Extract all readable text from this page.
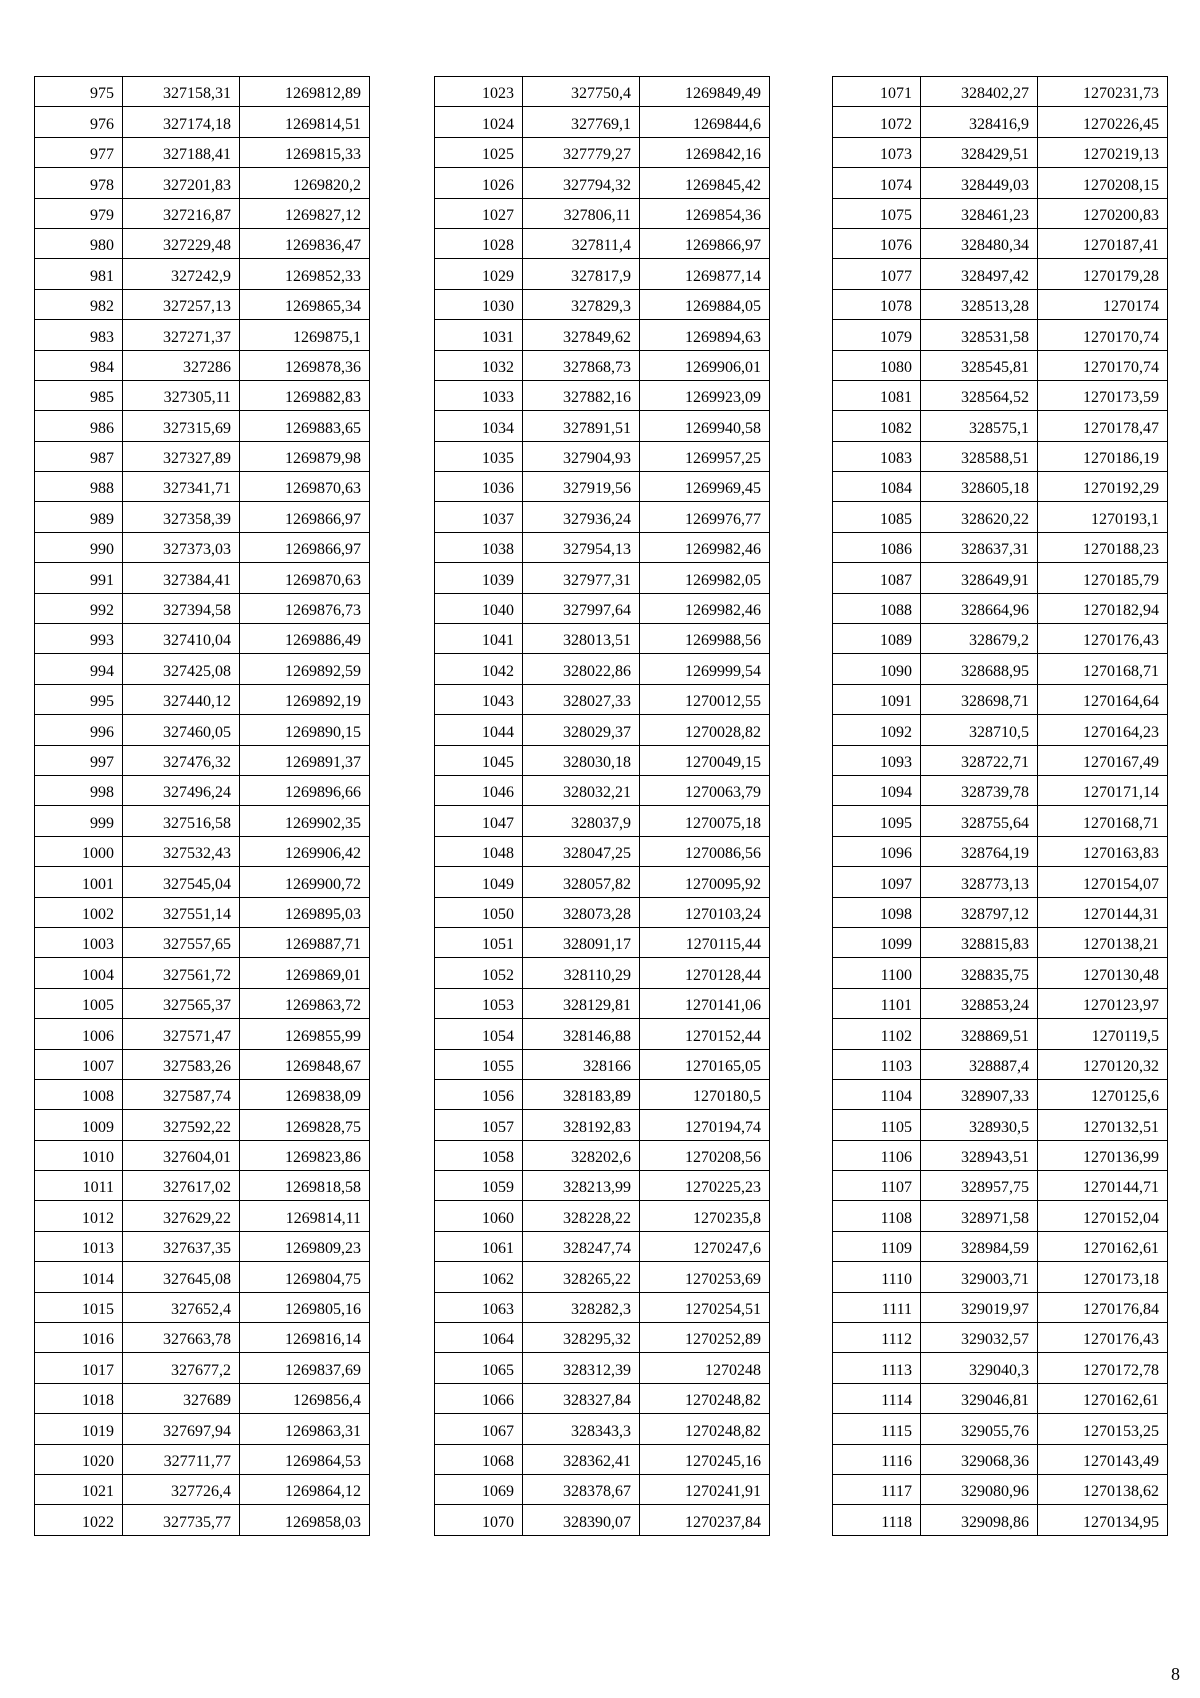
975	327158,31	1269812,89
976	327174,18	1269814,51
977	327188,41	1269815,33
978	327201,83	1269820,2
979	327216,87	1269827,12
980	327229,48	1269836,47
981	327242,9	1269852,33
982	327257,13	1269865,34
983	327271,37	1269875,1
984	327286	1269878,36
985	327305,11	1269882,83
986	327315,69	1269883,65
987	327327,89	1269879,98
988	327341,71	1269870,63
989	327358,39	1269866,97
990	327373,03	1269866,97
991	327384,41	1269870,63
992	327394,58	1269876,73
993	327410,04	1269886,49
994	327425,08	1269892,59
995	327440,12	1269892,19
996	327460,05	1269890,15
997	327476,32	1269891,37
998	327496,24	1269896,66
999	327516,58	1269902,35
1000	327532,43	1269906,42
1001	327545,04	1269900,72
1002	327551,14	1269895,03
1003	327557,65	1269887,71
1004	327561,72	1269869,01
1005	327565,37	1269863,72
1006	327571,47	1269855,99
1007	327583,26	1269848,67
1008	327587,74	1269838,09
1009	327592,22	1269828,75
1010	327604,01	1269823,86
1011	327617,02	1269818,58
1012	327629,22	1269814,11
1013	327637,35	1269809,23
1014	327645,08	1269804,75
1015	327652,4	1269805,16
1016	327663,78	1269816,14
1017	327677,2	1269837,69
1018	327689	1269856,4
1019	327697,94	1269863,31
1020	327711,77	1269864,53
1021	327726,4	1269864,12
1022	327735,77	1269858,03
1023	327750,4	1269849,49
1024	327769,1	1269844,6
1025	327779,27	1269842,16
1026	327794,32	1269845,42
1027	327806,11	1269854,36
1028	327811,4	1269866,97
1029	327817,9	1269877,14
1030	327829,3	1269884,05
1031	327849,62	1269894,63
1032	327868,73	1269906,01
1033	327882,16	1269923,09
1034	327891,51	1269940,58
1035	327904,93	1269957,25
1036	327919,56	1269969,45
1037	327936,24	1269976,77
1038	327954,13	1269982,46
1039	327977,31	1269982,05
1040	327997,64	1269982,46
1041	328013,51	1269988,56
1042	328022,86	1269999,54
1043	328027,33	1270012,55
1044	328029,37	1270028,82
1045	328030,18	1270049,15
1046	328032,21	1270063,79
1047	328037,9	1270075,18
1048	328047,25	1270086,56
1049	328057,82	1270095,92
1050	328073,28	1270103,24
1051	328091,17	1270115,44
1052	328110,29	1270128,44
1053	328129,81	1270141,06
1054	328146,88	1270152,44
1055	328166	1270165,05
1056	328183,89	1270180,5
1057	328192,83	1270194,74
1058	328202,6	1270208,56
1059	328213,99	1270225,23
1060	328228,22	1270235,8
1061	328247,74	1270247,6
1062	328265,22	1270253,69
1063	328282,3	1270254,51
1064	328295,32	1270252,89
1065	328312,39	1270248
1066	328327,84	1270248,82
1067	328343,3	1270248,82
1068	328362,41	1270245,16
1069	328378,67	1270241,91
1070	328390,07	1270237,84
1071	328402,27	1270231,73
1072	328416,9	1270226,45
1073	328429,51	1270219,13
1074	328449,03	1270208,15
1075	328461,23	1270200,83
1076	328480,34	1270187,41
1077	328497,42	1270179,28
1078	328513,28	1270174
1079	328531,58	1270170,74
1080	328545,81	1270170,74
1081	328564,52	1270173,59
1082	328575,1	1270178,47
1083	328588,51	1270186,19
1084	328605,18	1270192,29
1085	328620,22	1270193,1
1086	328637,31	1270188,23
1087	328649,91	1270185,79
1088	328664,96	1270182,94
1089	328679,2	1270176,43
1090	328688,95	1270168,71
1091	328698,71	1270164,64
1092	328710,5	1270164,23
1093	328722,71	1270167,49
1094	328739,78	1270171,14
1095	328755,64	1270168,71
1096	328764,19	1270163,83
1097	328773,13	1270154,07
1098	328797,12	1270144,31
1099	328815,83	1270138,21
1100	328835,75	1270130,48
1101	328853,24	1270123,97
1102	328869,51	1270119,5
1103	328887,4	1270120,32
1104	328907,33	1270125,6
1105	328930,5	1270132,51
1106	328943,51	1270136,99
1107	328957,75	1270144,71
1108	328971,58	1270152,04
1109	328984,59	1270162,61
1110	329003,71	1270173,18
1111	329019,97	1270176,84
1112	329032,57	1270176,43
1113	329040,3	1270172,78
1114	329046,81	1270162,61
1115	329055,76	1270153,25
1116	329068,36	1270143,49
1117	329080,96	1270138,62
1118	329098,86	1270134,95
8
